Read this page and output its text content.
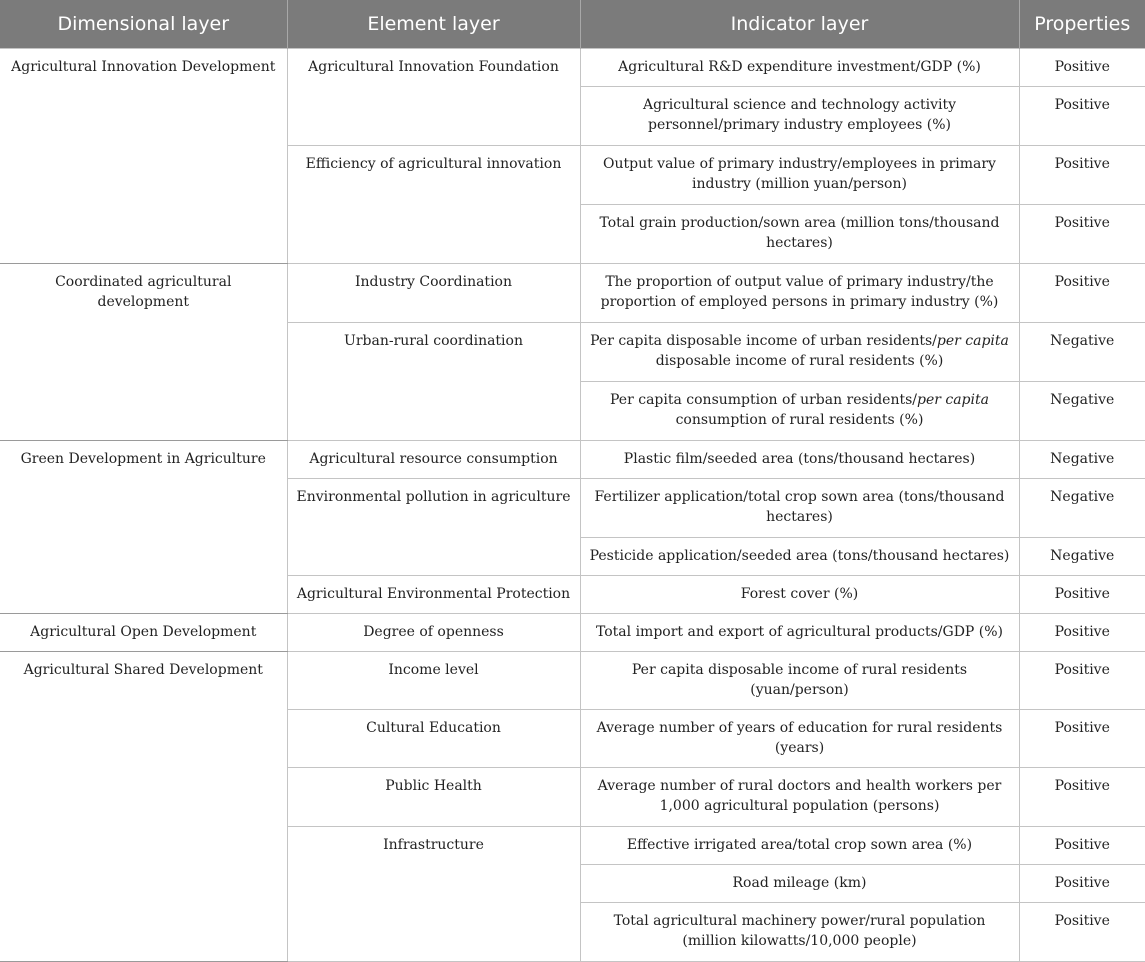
Dimensional layer	Element layer	Indicator layer	Properties
Agricultural Innovation Development	Agricultural Innovation Foundation	Agricultural R&D expenditure investment/GDP (%)	Positive
		Agricultural science and technology activity personnel/primary industry employees (%)	Positive
	Efficiency of agricultural innovation	Output value of primary industry/employees in primary industry (million yuan/person)	Positive
		Total grain production/sown area (million tons/thousand hectares)	Positive
Coordinated agricultural development	Industry Coordination	The proportion of output value of primary industry/the proportion of employed persons in primary industry (%)	Positive
	Urban-rural coordination	Per capita disposable income of urban residents/per capita disposable income of rural residents (%)	Negative
		Per capita consumption of urban residents/per capita consumption of rural residents (%)	Negative
Green Development in Agriculture	Agricultural resource consumption	Plastic film/seeded area (tons/thousand hectares)	Negative
	Environmental pollution in agriculture	Fertilizer application/total crop sown area (tons/thousand hectares)	Negative
		Pesticide application/seeded area (tons/thousand hectares)	Negative
	Agricultural Environmental Protection	Forest cover (%)	Positive
Agricultural Open Development	Degree of openness	Total import and export of agricultural products/GDP (%)	Positive
Agricultural Shared Development	Income level	Per capita disposable income of rural residents (yuan/person)	Positive
	Cultural Education	Average number of years of education for rural residents (years)	Positive
	Public Health	Average number of rural doctors and health workers per 1,000 agricultural population (persons)	Positive
	Infrastructure	Effective irrigated area/total crop sown area (%)	Positive
		Road mileage (km)	Positive
		Total agricultural machinery power/rural population (million kilowatts/10,000 people)	Positive
